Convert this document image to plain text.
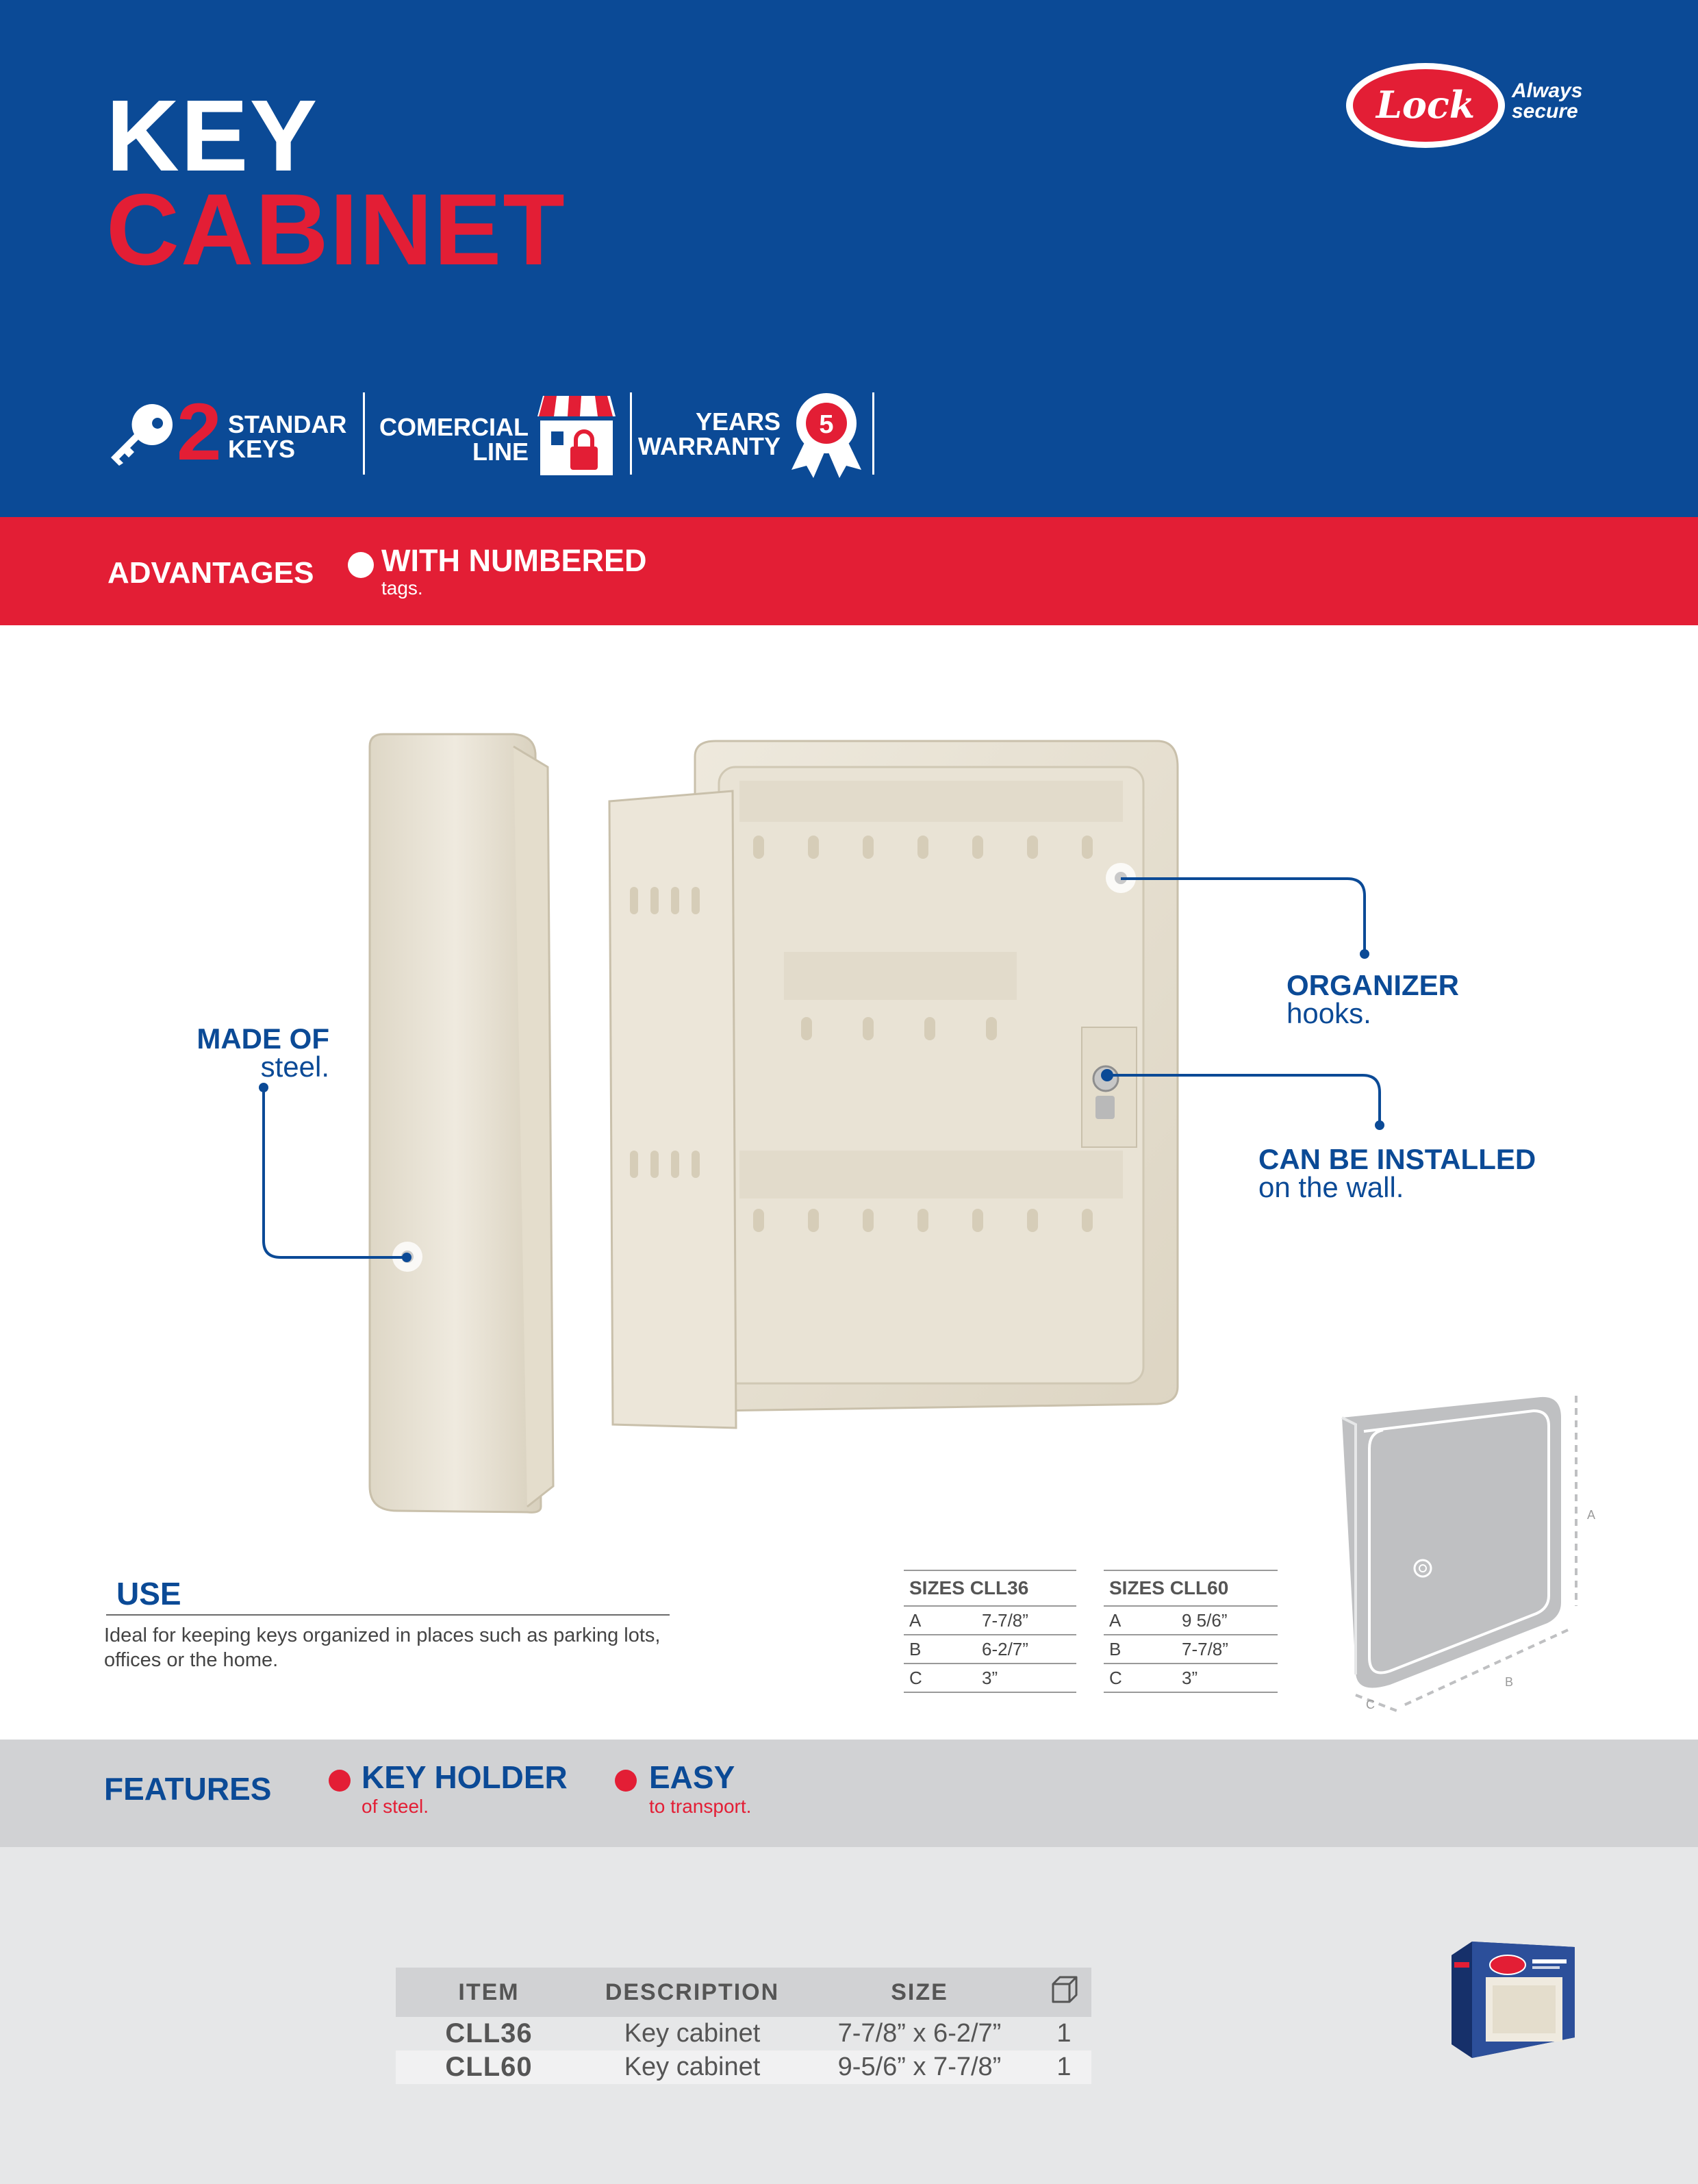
KEY
CABINET
Lock Always
secure
2 STANDAR
KEYS
COMERCIAL
LINE
YEARS
WARRANTY
5
ADVANTAGES WITH NUMBERED
tags.
MADE OF
steel.
ORGANIZER
hooks.
CAN BE INSTALLED
on the wall.
USE
Ideal for keeping keys organized in places such as parking lots, offices or the home.
SIZES CLL36	
A	7-7/8”
B	6-2/7”
C	3”
SIZES CLL60	
A	9 5/6”
B	7-7/8”
C	3”
A
B
C
FEATURES	KEY HOLDER
of steel.
EASY
to transport.
ITEM	DESCRIPTION	SIZE	
CLL36	Key cabinet	7-7/8” x 6-2/7”	1
CLL60	Key cabinet	9-5/6” x 7-7/8”	1
